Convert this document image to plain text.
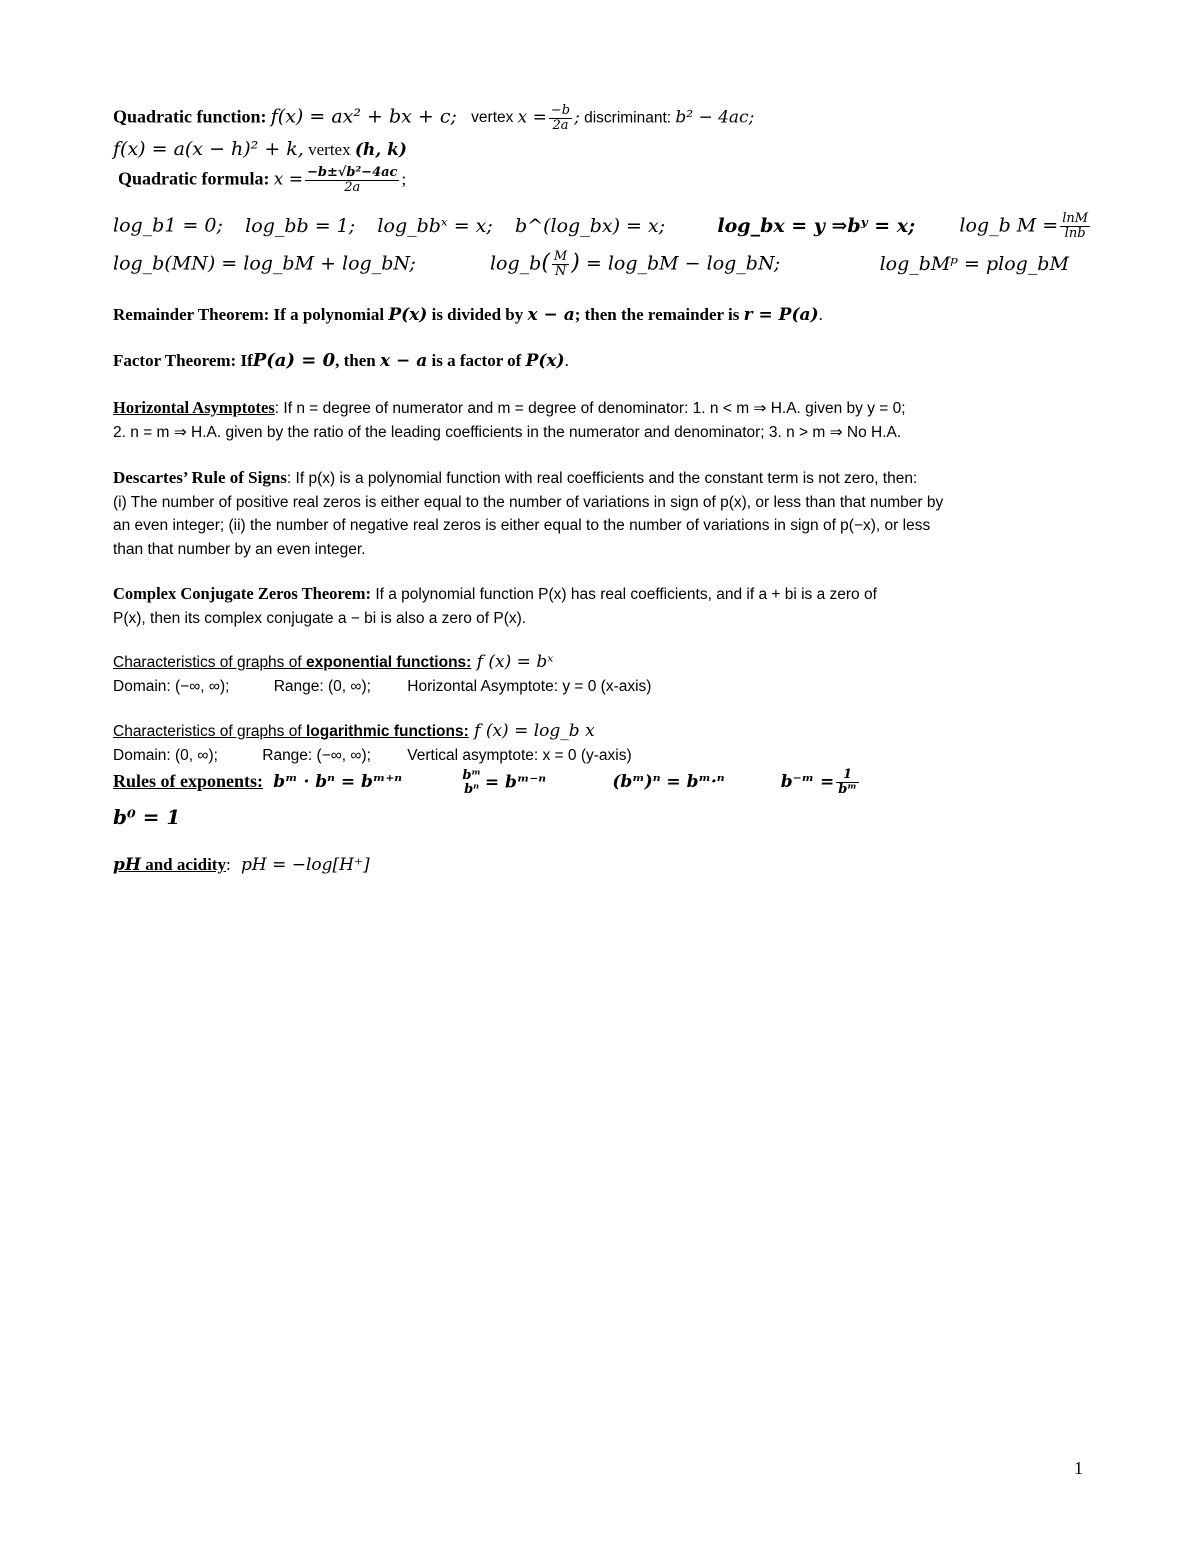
Quadratic function: f(x) = ax² + bx + c; vertex $x = \frac{-b}{2a}$ ; discriminant: b² − 4ac;
f(x) = a(x − h)² + k, vertex (h, k)
Quadratic formula: $x = \frac{\text{−b±√b²−4ac}}{2a}$ ;
log_b1 = 0; log_bb = 1; log_bbˣ = x; b^(log_bx) = x;	log_bx = y ⇒bʸ = x; log_b $M = \frac{\ln M}{\ln b}$
log_b(MN) = log_bM + log_bN;	log_b( $\frac{M}{N}$ ) = log_bM − log_bN;	log_bMᵖ = plog_bM
Remainder Theorem: If a polynomial P(x) is divided by x − a; then the remainder is r = P(a).
Factor Theorem: IfP(a) = 0, then x − a is a factor of P(x).
Horizontal Asymptotes: If n = degree of numerator and m = degree of denominator: 1. n < m ⇒ H.A. given by y = 0;
2. n = m ⇒ H.A. given by the ratio of the leading coefficients in the numerator and denominator; 3. n > m ⇒ No H.A.
Descartes’ Rule of Signs: If p(x) is a polynomial function with real coefficients and the constant term is not zero, then:
(i) The number of positive real zeros is either equal to the number of variations in sign of p(x), or less than that number by
an even integer; (ii) the number of negative real zeros is either equal to the number of variations in sign of p(−x), or less
than that number by an even integer.
Complex Conjugate Zeros Theorem: If a polynomial function P(x) has real coefficients, and if a + bi is a zero of
P(x), then its complex conjugate a − bi is also a zero of P(x).
Characteristics of graphs of exponential functions: f (x) = bˣ
Domain: (−∞, ∞);	Range: (0, ∞); Horizontal Asymptote: y = 0 (x-axis)
Characteristics of graphs of logarithmic functions: f (x) = log_b x
Domain: (0, ∞);	Range: (−∞, ∞); Vertical asymptote: x = 0 (y-axis)
Rules of exponents: bᵐ · bⁿ = bᵐ⁺ⁿ	bᵐ
bⁿ = bᵐ⁻ⁿ	(bᵐ)ⁿ = bᵐ·ⁿ	b⁻ᵐ = $\frac{1}{\text{bᵐ}}$
b⁰ = 1
pH and acidity: pH = −log[H⁺]
1
